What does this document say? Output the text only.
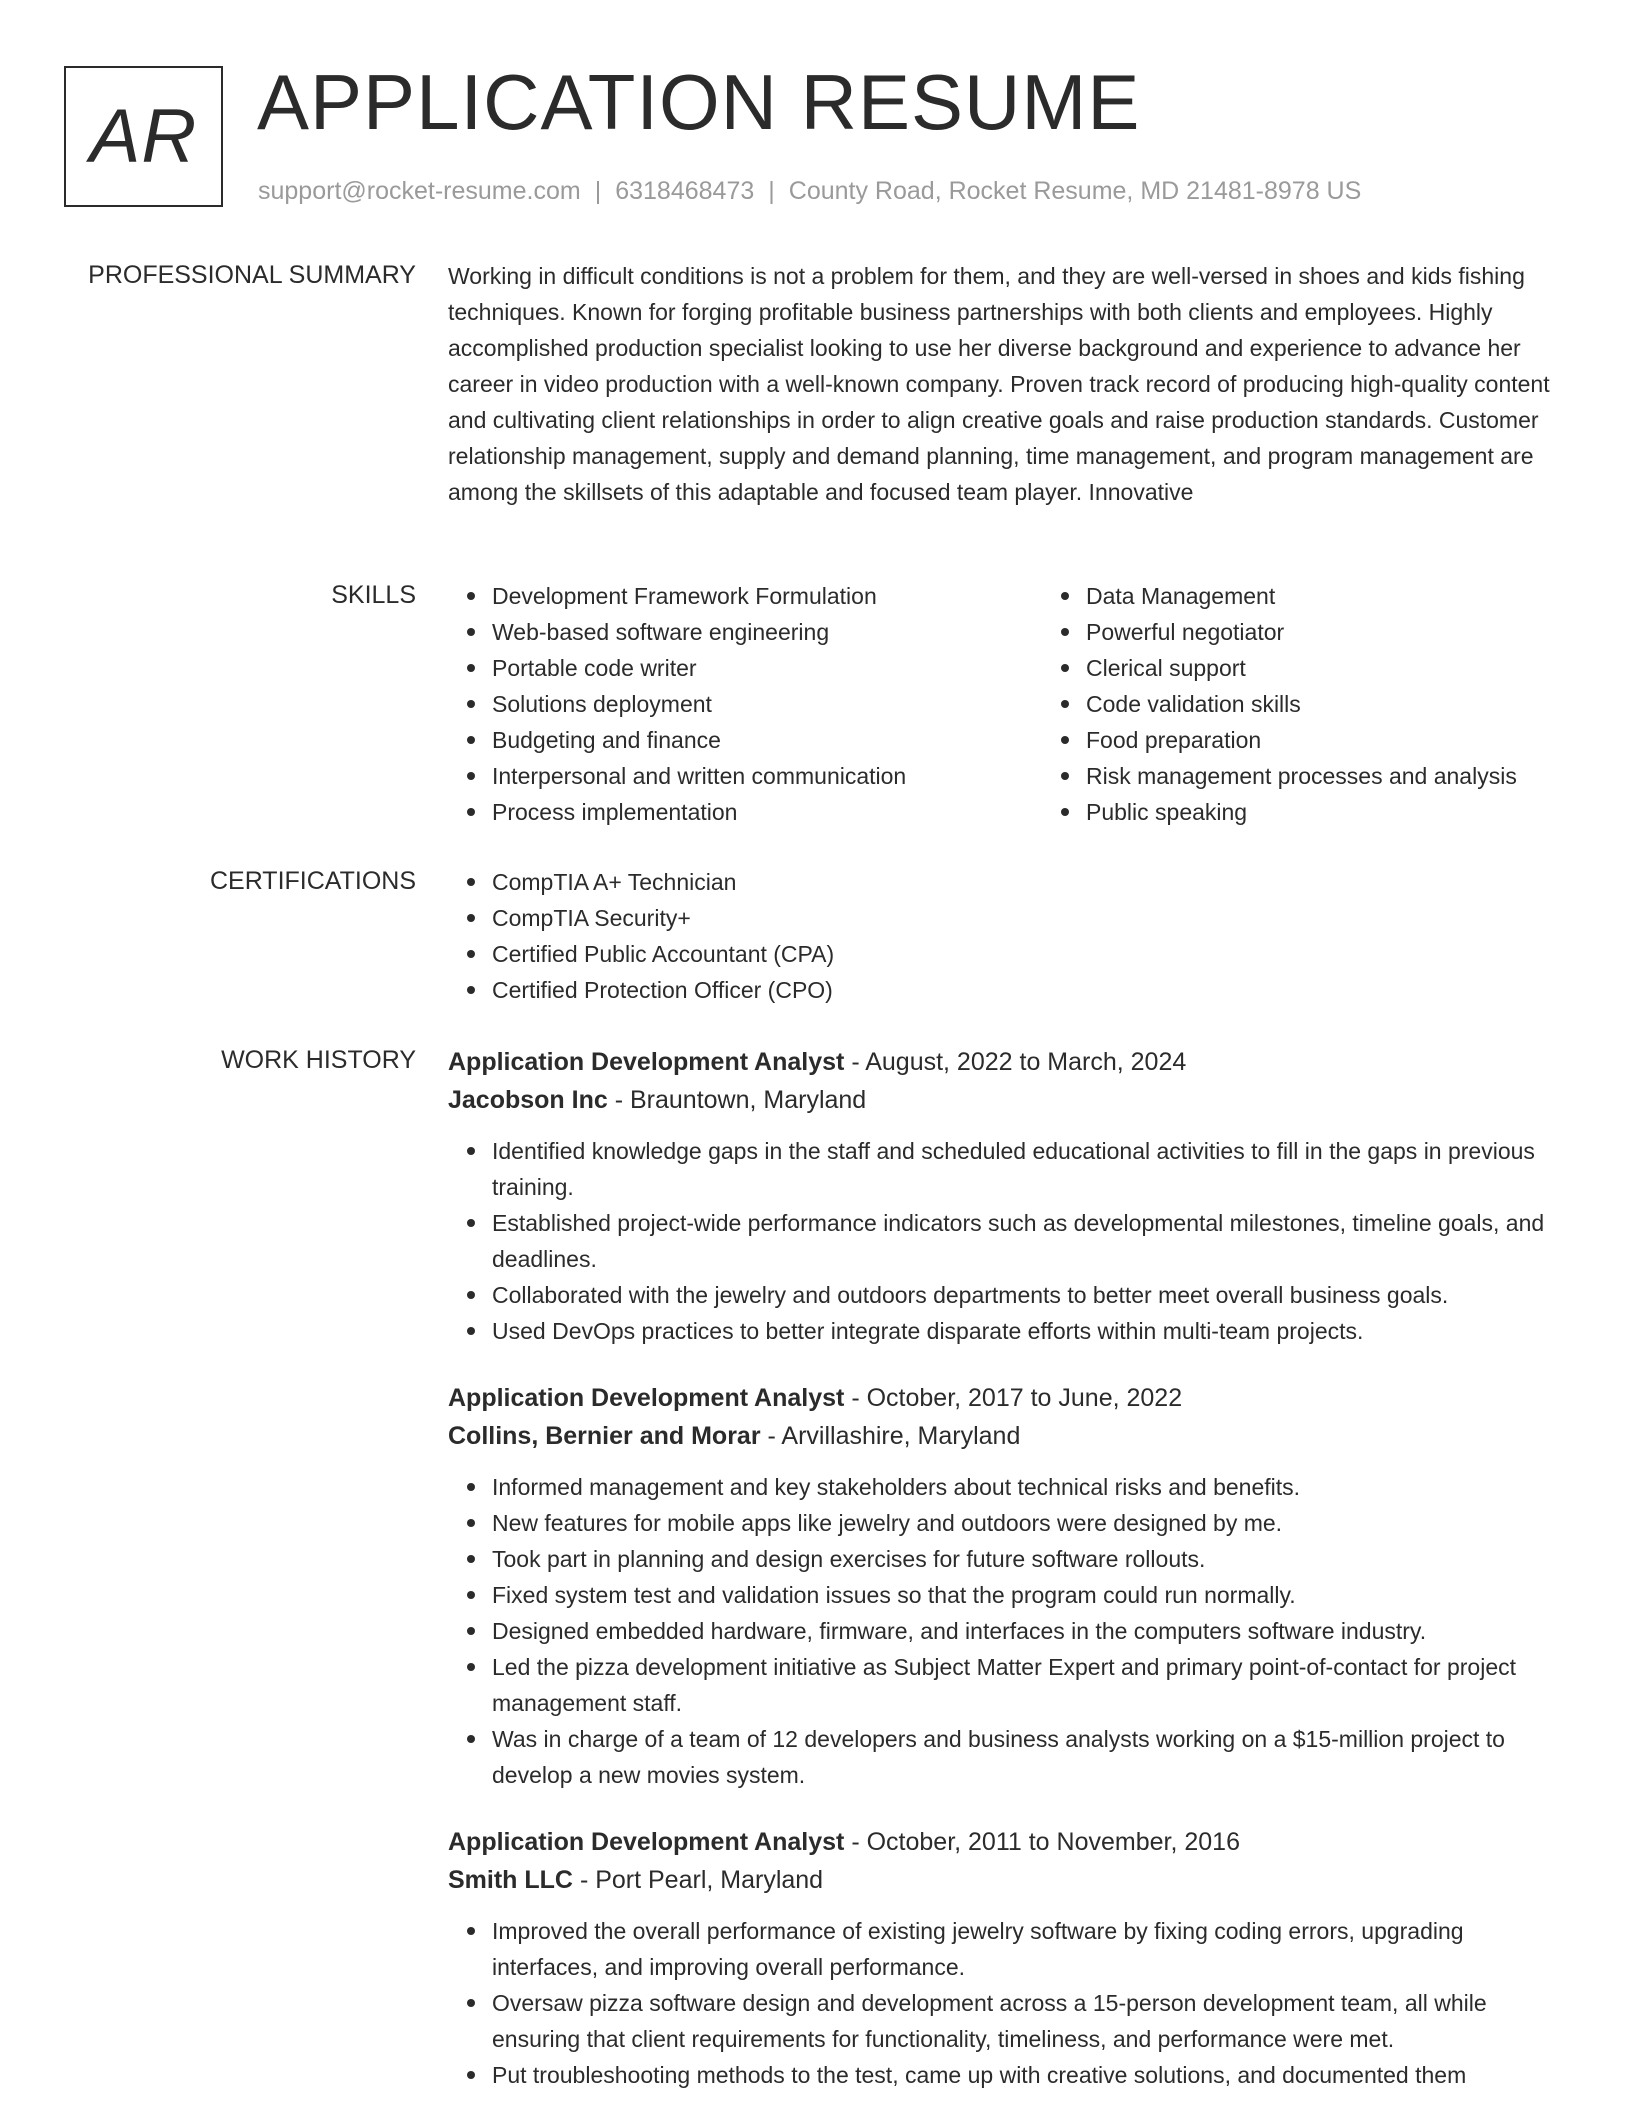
AR APPLICATION RESUME
support@rocket-resume.com | 6318468473 | County Road, Rocket Resume, MD 21481-8978 US
PROFESSIONAL SUMMARY Working in difficult conditions is not a problem for them, and they are well-versed in shoes and kids fishing techniques. Known for forging profitable business partnerships with both clients and employees. Highly accomplished production specialist looking to use her diverse background and experience to advance her career in video production with a well-known company. Proven track record of producing high-quality content and cultivating client relationships in order to align creative goals and raise production standards. Customer relationship management, supply and demand planning, time management, and program management are among the skillsets of this adaptable and focused team player. Innovative

SKILLS	Development Framework Formulation
Web-based software engineering
Portable code writer
Solutions deployment
Budgeting and finance
Interpersonal and written communication
Process implementation
Data Management
Powerful negotiator
Clerical support
Code validation skills
Food preparation
Risk management processes and analysis
Public speaking
CERTIFICATIONS	CompTIA A+ Technician
CompTIA Security+
Certified Public Accountant (CPA)
Certified Protection Officer (CPO)
WORK HISTORY Application Development Analyst - August, 2022 to March, 2024

Jacobson Inc - Brauntown, Maryland

Identified knowledge gaps in the staff and scheduled educational activities to fill in the gaps in previous training.
Established project-wide performance indicators such as developmental milestones, timeline goals, and deadlines.
Collaborated with the jewelry and outdoors departments to better meet overall business goals.
Used DevOps practices to better integrate disparate efforts within multi-team projects.

Application Development Analyst - October, 2017 to June, 2022

Collins, Bernier and Morar - Arvillashire, Maryland

Informed management and key stakeholders about technical risks and benefits.
New features for mobile apps like jewelry and outdoors were designed by me.
Took part in planning and design exercises for future software rollouts.
Fixed system test and validation issues so that the program could run normally.
Designed embedded hardware, firmware, and interfaces in the computers software industry.
Led the pizza development initiative as Subject Matter Expert and primary point-of-contact for project management staff.
Was in charge of a team of 12 developers and business analysts working on a $15-million project to develop a new movies system.

Application Development Analyst - October, 2011 to November, 2016

Smith LLC - Port Pearl, Maryland

Improved the overall performance of existing jewelry software by fixing coding errors, upgrading interfaces, and improving overall performance.
Oversaw pizza software design and development across a 15-person development team, all while ensuring that client requirements for functionality, timeliness, and performance were met.
Put troubleshooting methods to the test, came up with creative solutions, and documented them
